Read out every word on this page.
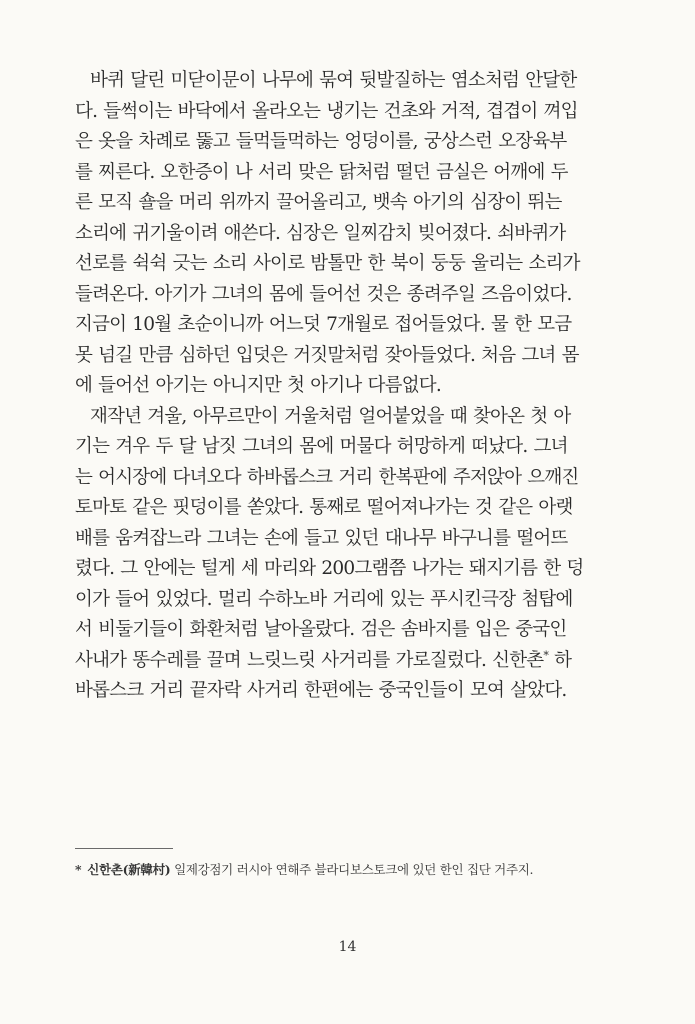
바퀴 달린 미닫이문이 나무에 묶여 뒷발질하는 염소처럼 안달한
다. 들썩이는 바닥에서 올라오는 냉기는 건초와 거적, 겹겹이 껴입
은 옷을 차례로 뚫고 들먹들먹하는 엉덩이를, 궁상스런 오장육부
를 찌른다. 오한증이 나 서리 맞은 닭처럼 떨던 금실은 어깨에 두
른 모직 숄을 머리 위까지 끌어올리고, 뱃속 아기의 심장이 뛰는
소리에 귀기울이려 애쓴다. 심장은 일찌감치 빚어졌다. 쇠바퀴가
선로를 쉭쉭 긋는 소리 사이로 밤톨만 한 북이 둥둥 울리는 소리가
들려온다. 아기가 그녀의 몸에 들어선 것은 종려주일 즈음이었다.
지금이 10월 초순이니까 어느덧 7개월로 접어들었다. 물 한 모금
못 넘길 만큼 심하던 입덧은 거짓말처럼 잦아들었다. 처음 그녀 몸
에 들어선 아기는 아니지만 첫 아기나 다름없다.
재작년 겨울, 아무르만이 거울처럼 얼어붙었을 때 찾아온 첫 아
기는 겨우 두 달 남짓 그녀의 몸에 머물다 허망하게 떠났다. 그녀
는 어시장에 다녀오다 하바롭스크 거리 한복판에 주저앉아 으깨진
토마토 같은 핏덩이를 쏟았다. 통째로 떨어져나가는 것 같은 아랫
배를 움켜잡느라 그녀는 손에 들고 있던 대나무 바구니를 떨어뜨
렸다. 그 안에는 털게 세 마리와 200그램쯤 나가는 돼지기름 한 덩
이가 들어 있었다. 멀리 수하노바 거리에 있는 푸시킨극장 첨탑에
서 비둘기들이 화환처럼 날아올랐다. 검은 솜바지를 입은 중국인
사내가 똥수레를 끌며 느릿느릿 사거리를 가로질렀다. 신한촌* 하
바롭스크 거리 끝자락 사거리 한편에는 중국인들이 모여 살았다.
* 신한촌(新韓村) 일제강점기 러시아 연해주 블라디보스토크에 있던 한인 집단 거주지.
14
